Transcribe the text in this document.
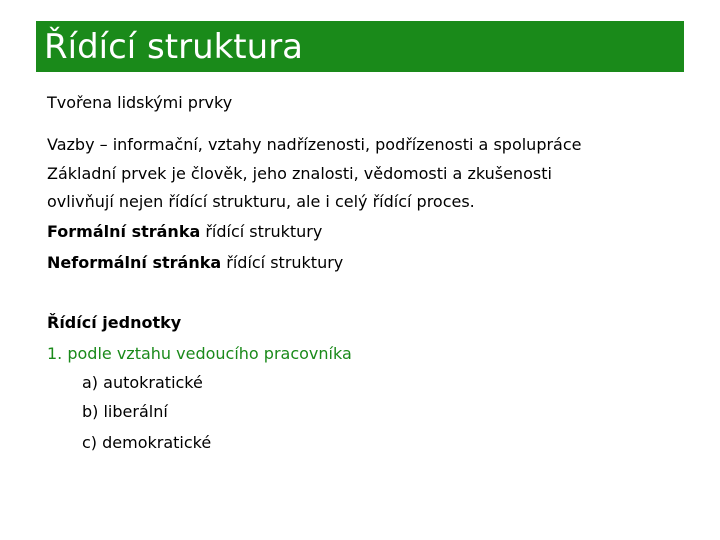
Řídící struktura
Tvořena lidskými prvky
Vazby – informační, vztahy nadřízenosti, podřízenosti a spolupráce
Základní prvek je člověk, jeho znalosti, vědomosti a zkušenosti
ovlivňují nejen řídící strukturu, ale i celý řídící proces.
Formální stránka řídící struktury
Neformální stránka řídící struktury
Řídící jednotky
1. podle vztahu vedoucího pracovníka
a) autokratické
b) liberální
c) demokratické
